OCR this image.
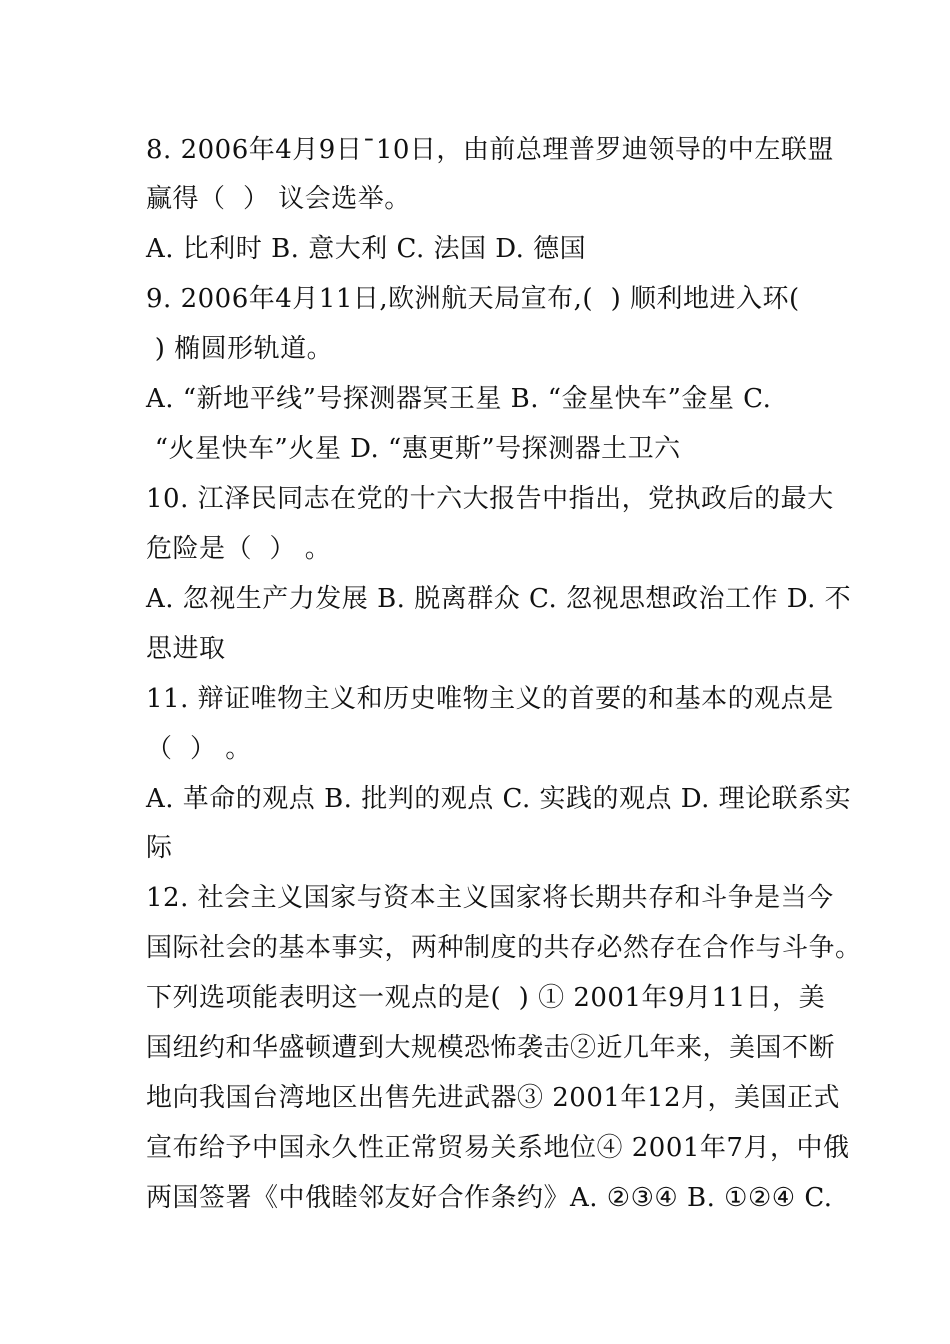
8. 2006年4月9日¯10日，由前总理普罗迪领导的中左联盟

赢得（  ） 议会选举。

A. 比利时 B. 意大利 C. 法国 D. 德国

9. 2006年4月11日,欧洲航天局宣布,(  ) 顺利地进入环(

) 椭圆形轨道。

A. “新地平线”号探测器冥王星 B. “金星快车”金星 C.

“火星快车”火星 D. “惠更斯”号探测器土卫六

10. 江泽民同志在党的十六大报告中指出，党执政后的最大

危险是（  ） 。

A. 忽视生产力发展 B. 脱离群众 C. 忽视思想政治工作 D. 不

思进取

11. 辩证唯物主义和历史唯物主义的首要的和基本的观点是

（  ） 。

A. 革命的观点 B. 批判的观点 C. 实践的观点 D. 理论联系实

际

12. 社会主义国家与资本主义国家将长期共存和斗争是当今

国际社会的基本事实，两种制度的共存必然存在合作与斗争。

下列选项能表明这一观点的是(  ) ① 2001年9月11日，美

国纽约和华盛顿遭到大规模恐怖袭击②近几年来，美国不断

地向我国台湾地区出售先进武器③ 2001年12月，美国正式

宣布给予中国永久性正常贸易关系地位④ 2001年7月，中俄

两国签署《中俄睦邻友好合作条约》A. ②③④ B. ①②④ C.
